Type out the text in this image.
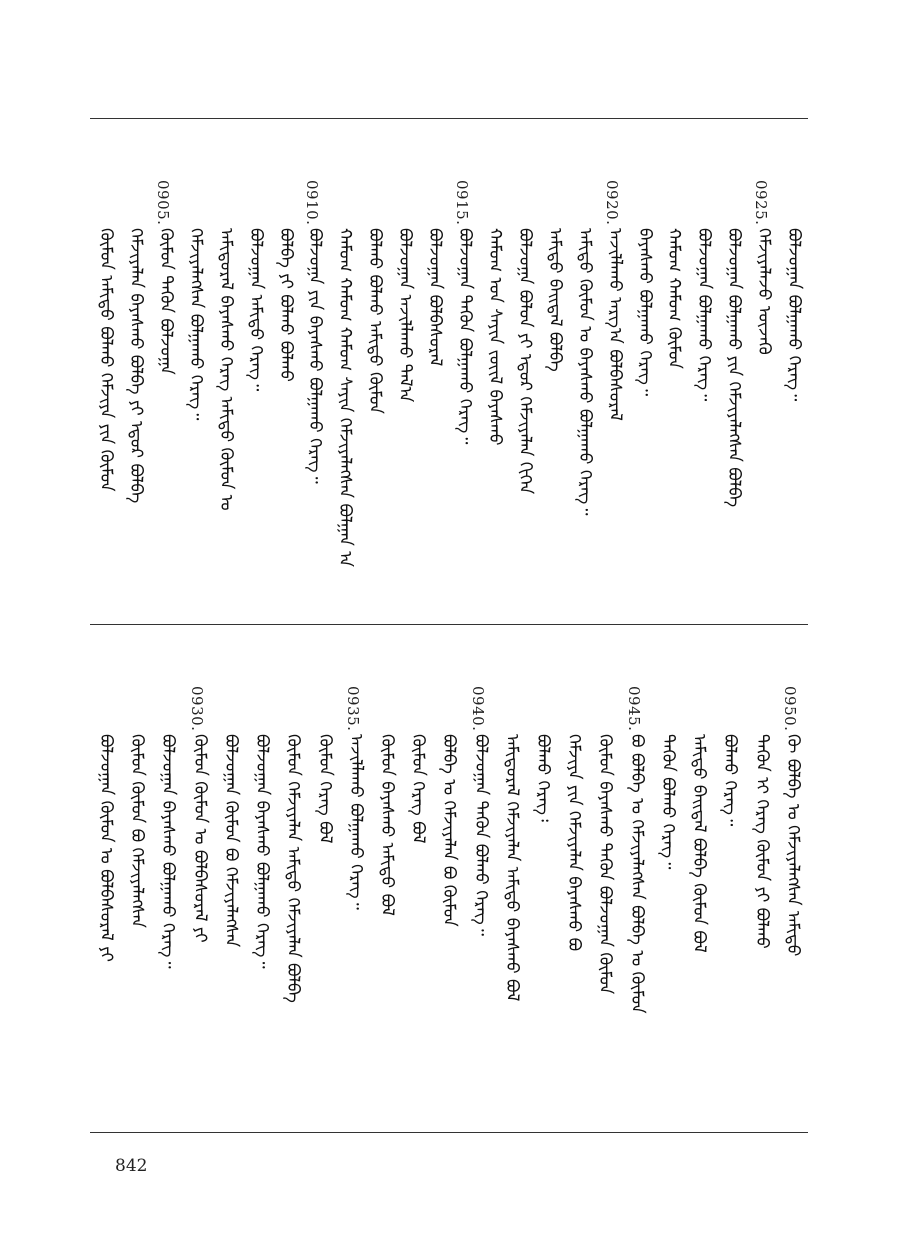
ᠪᠣᠯᠵᠤᠭᠠᠨ ᠪᠣᠯᠭᠠᠬᠤ ᠬᠡᠷᠡᠭ᠃
0925.
ᠬᠡᠮᠵᠢᠶᠡᠯᠡᠵᠦ ᠦᠵᠡᠬᠦ
ᠪᠣᠯᠵᠤᠭᠠᠨ ᠪᠣᠯᠭᠠᠬᠤ ᠶᠢᠨ ᠬᠡᠮᠵᠢᠶᠡᠯᠡᠭᠰᠡᠨ ᠪᠣᠯᠪᠠ
ᠪᠣᠯᠵᠤᠭᠠᠨ ᠪᠣᠯᠭᠠᠬᠤ ᠬᠡᠷᠡᠭ᠃
ᠬᠠᠮᠤᠭ ᠬᠠᠮᠤᠭ ᠬᠦᠮᠦᠨ
ᠪᠠᠶᠠᠰᠬᠤ ᠪᠣᠯᠭᠠᠬᠤ ᠬᠡᠷᠡᠭ᠃
0920.
ᠠᠵᠢᠯᠯᠠᠬᠤ ᠠᠷᠭ᠎ᠠ ᠪᠣᠯᠪᠠᠰᠤᠷᠠᠯ
ᠠᠮᠢᠳᠤ ᠬᠦᠮᠦᠨ ᠤ ᠪᠠᠶᠠᠰᠬᠤ ᠪᠣᠯᠭᠠᠬᠤ ᠬᠡᠷᠡᠭ᠃
ᠠᠮᠢᠳᠤ ᠪᠠᠢᠳᠠᠯ ᠪᠣᠯᠪᠠ
ᠪᠣᠯᠵᠤᠭᠠ ᠪᠣᠯᠤᠨ ᠶᠢ ᠡᠳᠦᠷ ᠬᠡᠮᠵᠢᠶᠡᠯᠡᠨ ᠬᠢᠭᠡᠨ
ᠬᠠᠮᠤᠭ ᠤᠨ ᠰᠠᠶᠢᠨ ᠵᠦᠢᠯ ᠪᠠᠶᠠᠰᠬᠤ
0915.
ᠪᠣᠯᠵᠤᠭᠠᠨ ᠲᠡᠭᠦᠨ ᠪᠣᠯᠭᠠᠬᠤ ᠬᠡᠷᠡᠭ᠃
ᠪᠣᠯᠵᠤᠭᠠᠨ ᠪᠣᠯᠪᠠᠰᠤᠷᠠᠯ
ᠪᠣᠯᠵᠤᠭᠠᠨ ᠠᠵᠢᠯᠯᠠᠬᠤ ᠲᠠᠯ᠎ᠠ
ᠪᠣᠯᠬᠤ ᠪᠣᠯᠬᠤ ᠠᠮᠢᠳᠤ ᠬᠦᠮᠦᠨ
ᠬᠠᠮᠤᠭ ᠬᠠᠮᠤᠭ ᠬᠠᠮᠤᠭ ᠰᠠᠶᠢᠨ ᠬᠡᠮᠵᠢᠶᠡᠯᠡᠭᠰᠡᠨ ᠪᠣᠯᠭᠠᠨ ᠠ
0910.
ᠪᠣᠯᠵᠤᠭᠠ ᠶᠢᠨ ᠪᠠᠶᠠᠰᠬᠤ ᠪᠣᠯᠭᠠᠬᠤ ᠬᠡᠷᠡᠭ᠃
ᠪᠣᠯᠪᠠ ᠶᠢ ᠪᠣᠯᠬᠤ ᠪᠣᠯᠬᠤ
ᠪᠣᠯᠵᠤᠭᠠᠨ ᠠᠮᠢᠳᠤ ᠬᠡᠷᠡᠭ᠃
ᠠᠮᠢᠳᠤᠷᠠᠯ ᠪᠠᠶᠠᠰᠬᠤ ᠬᠡᠷᠡᠭ ᠠᠮᠢᠳᠤ ᠬᠦᠮᠦᠨ ᠤ
ᠬᠡᠮᠵᠢᠶᠡᠯᠡᠭᠰᠡᠨ ᠪᠣᠯᠭᠠᠬᠤ ᠬᠡᠷᠡᠭ᠃
0905.
ᠬᠦᠮᠦᠨ ᠲᠡᠭᠦᠨ ᠪᠣᠯᠵᠤᠭᠠ
ᠬᠡᠮᠵᠢᠶᠡᠯᠡᠨ ᠪᠠᠶᠠᠰᠬᠤ ᠪᠣᠯᠪᠠ ᠶᠢ ᠡᠳᠦᠷ ᠪᠣᠯᠪᠠ
ᠬᠦᠮᠦᠨ ᠠᠮᠢᠳᠤ ᠪᠣᠯᠬᠤ ᠬᠡᠮᠵᠢᠶᠡ ᠶᠢᠨ ᠬᠦᠮᠦᠨ
0950.
ᠬᠦ ᠪᠣᠯᠪᠠ ᠤ ᠬᠡᠮᠵᠢᠶᠡᠯᠡᠭᠰᠡᠨ ᠠᠮᠢᠳᠤ
ᠲᠡᠭᠦᠨ ᠢ ᠬᠡᠷᠡᠭ ᠬᠦᠮᠦᠨ ᠶᠢ ᠪᠣᠯᠬᠤ
ᠪᠣᠯᠬᠤ ᠬᠡᠷᠡᠭ᠃
ᠠᠮᠢᠳᠤ ᠪᠠᠢᠳᠠᠯ ᠪᠣᠯᠪᠠ ᠬᠦᠮᠦᠨ ᠪᠣᠯ
ᠲᠡᠭᠦᠨ ᠪᠣᠯᠬᠤ ᠬᠡᠷᠡᠭ᠃
0945.
ᠪᠣ ᠪᠣᠯᠪᠠ ᠤ ᠬᠡᠮᠵᠢᠶᠡᠯᠡᠭᠰᠡᠨ ᠪᠣᠯᠪᠠ ᠤ ᠬᠦᠮᠦᠨ
ᠬᠦᠮᠦᠨ ᠪᠠᠶᠠᠰᠬᠤ ᠲᠡᠭᠦᠨ ᠪᠣᠯᠵᠤᠭᠠᠨ ᠬᠦᠮᠦᠨ
ᠬᠡᠮᠵᠢᠶᠡ ᠶᠢᠨ ᠬᠡᠮᠵᠢᠶᠡᠯᠡᠨ ᠪᠠᠶᠠᠰᠬᠤ ᠪᠣ
ᠪᠣᠯᠬᠤ ᠬᠡᠷᠡᠭ᠄
ᠠᠮᠢᠳᠤᠷᠠᠯ ᠬᠡᠮᠵᠢᠶᠡᠯᠡᠨ ᠠᠮᠢᠳᠤ ᠪᠠᠶᠠᠰᠬᠤ ᠪᠣᠯ
0940.
ᠪᠣᠯᠵᠤᠭᠠᠨ ᠲᠡᠭᠦᠨ ᠪᠣᠯᠬᠤ ᠬᠡᠷᠡᠭ᠃
ᠪᠣᠯᠪᠠ ᠤ ᠬᠡᠮᠵᠢᠶᠡᠯᠡᠨ ᠪᠣ ᠬᠦᠮᠦᠨ
ᠬᠦᠮᠦᠨ ᠬᠡᠷᠡᠭ ᠪᠣᠯ
ᠬᠦᠮᠦᠨ ᠪᠠᠶᠠᠰᠬᠤ ᠠᠮᠢᠳᠤ ᠪᠣᠯ
0935.
ᠠᠵᠢᠯᠯᠠᠬᠤ ᠪᠣᠯᠭᠠᠬᠤ ᠬᠡᠷᠡᠭ᠃
ᠬᠦᠮᠦᠨ ᠬᠡᠷᠡᠭ ᠪᠣᠯ
ᠬᠦᠮᠦᠨ ᠬᠡᠮᠵᠢᠶᠡᠯᠡᠨ ᠠᠮᠢᠳᠤ ᠬᠡᠮᠵᠢᠶᠡᠯᠡᠨ ᠪᠣᠯᠪᠠ
ᠪᠣᠯᠵᠤᠭᠠᠨ ᠪᠠᠶᠠᠰᠬᠤ ᠪᠣᠯᠭᠠᠬᠤ ᠬᠡᠷᠡᠭ᠃
ᠪᠣᠯᠵᠤᠭᠠᠨ ᠬᠦᠮᠦᠨ ᠪᠣ ᠬᠡᠮᠵᠢᠶᠡᠯᠡᠭᠰᠡᠨ
0930.
ᠬᠦᠮᠦᠨ ᠬᠦᠮᠦᠨ ᠤ ᠪᠣᠯᠪᠠᠰᠤᠷᠠᠯ ᠶᠢ
ᠪᠣᠯᠵᠤᠭᠠᠨ ᠪᠠᠶᠠᠰᠬᠤ ᠪᠣᠯᠭᠠᠬᠤ ᠬᠡᠷᠡᠭ᠃
ᠬᠦᠮᠦᠨ ᠬᠦᠮᠦᠨ ᠪᠣ ᠬᠡᠮᠵᠢᠶᠡᠯᠡᠭᠰᠡᠨ
ᠪᠣᠯᠵᠤᠭᠠᠨ ᠬᠦᠮᠦᠨ ᠤ ᠪᠣᠯᠪᠠᠰᠤᠷᠠᠯ ᠶᠢ
842
